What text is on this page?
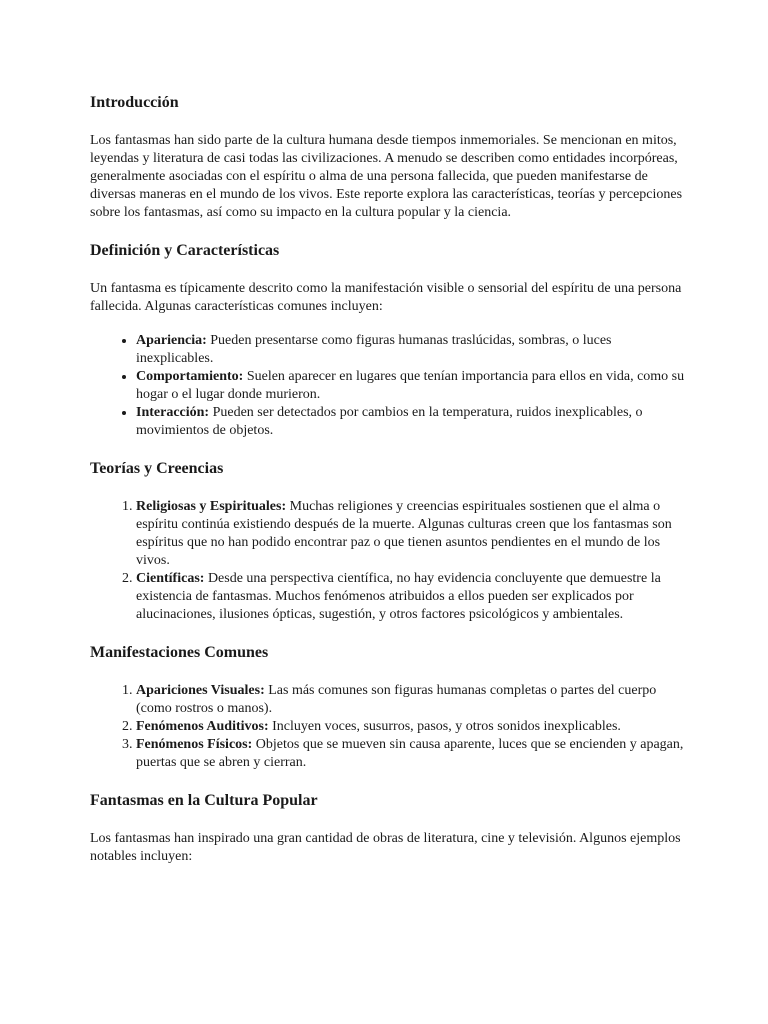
Introducción

Los fantasmas han sido parte de la cultura humana desde tiempos inmemoriales. Se mencionan en mitos, leyendas y literatura de casi todas las civilizaciones. A menudo se describen como entidades incorpóreas, generalmente asociadas con el espíritu o alma de una persona fallecida, que pueden manifestarse de diversas maneras en el mundo de los vivos. Este reporte explora las características, teorías y percepciones sobre los fantasmas, así como su impacto en la cultura popular y la ciencia.

Definición y Características

Un fantasma es típicamente descrito como la manifestación visible o sensorial del espíritu de una persona fallecida. Algunas características comunes incluyen:

• Apariencia: Pueden presentarse como figuras humanas traslúcidas, sombras, o luces inexplicables.
• Comportamiento: Suelen aparecer en lugares que tenían importancia para ellos en vida, como su hogar o el lugar donde murieron.
• Interacción: Pueden ser detectados por cambios en la temperatura, ruidos inexplicables, o movimientos de objetos.
Teorías y Creencias
1. Religiosas y Espirituales: Muchas religiones y creencias espirituales sostienen que el alma o espíritu continúa existiendo después de la muerte. Algunas culturas creen que los fantasmas son espíritus que no han podido encontrar paz o que tienen asuntos pendientes en el mundo de los vivos.
2. Científicas: Desde una perspectiva científica, no hay evidencia concluyente que demuestre la existencia de fantasmas. Muchos fenómenos atribuidos a ellos pueden ser explicados por alucinaciones, ilusiones ópticas, sugestión, y otros factores psicológicos y ambientales.
Manifestaciones Comunes
1. Apariciones Visuales: Las más comunes son figuras humanas completas o partes del cuerpo (como rostros o manos).
2. Fenómenos Auditivos: Incluyen voces, susurros, pasos, y otros sonidos inexplicables.
3. Fenómenos Físicos: Objetos que se mueven sin causa aparente, luces que se encienden y apagan, puertas que se abren y cierran.
Fantasmas en la Cultura Popular

Los fantasmas han inspirado una gran cantidad de obras de literatura, cine y televisión. Algunos ejemplos notables incluyen:
